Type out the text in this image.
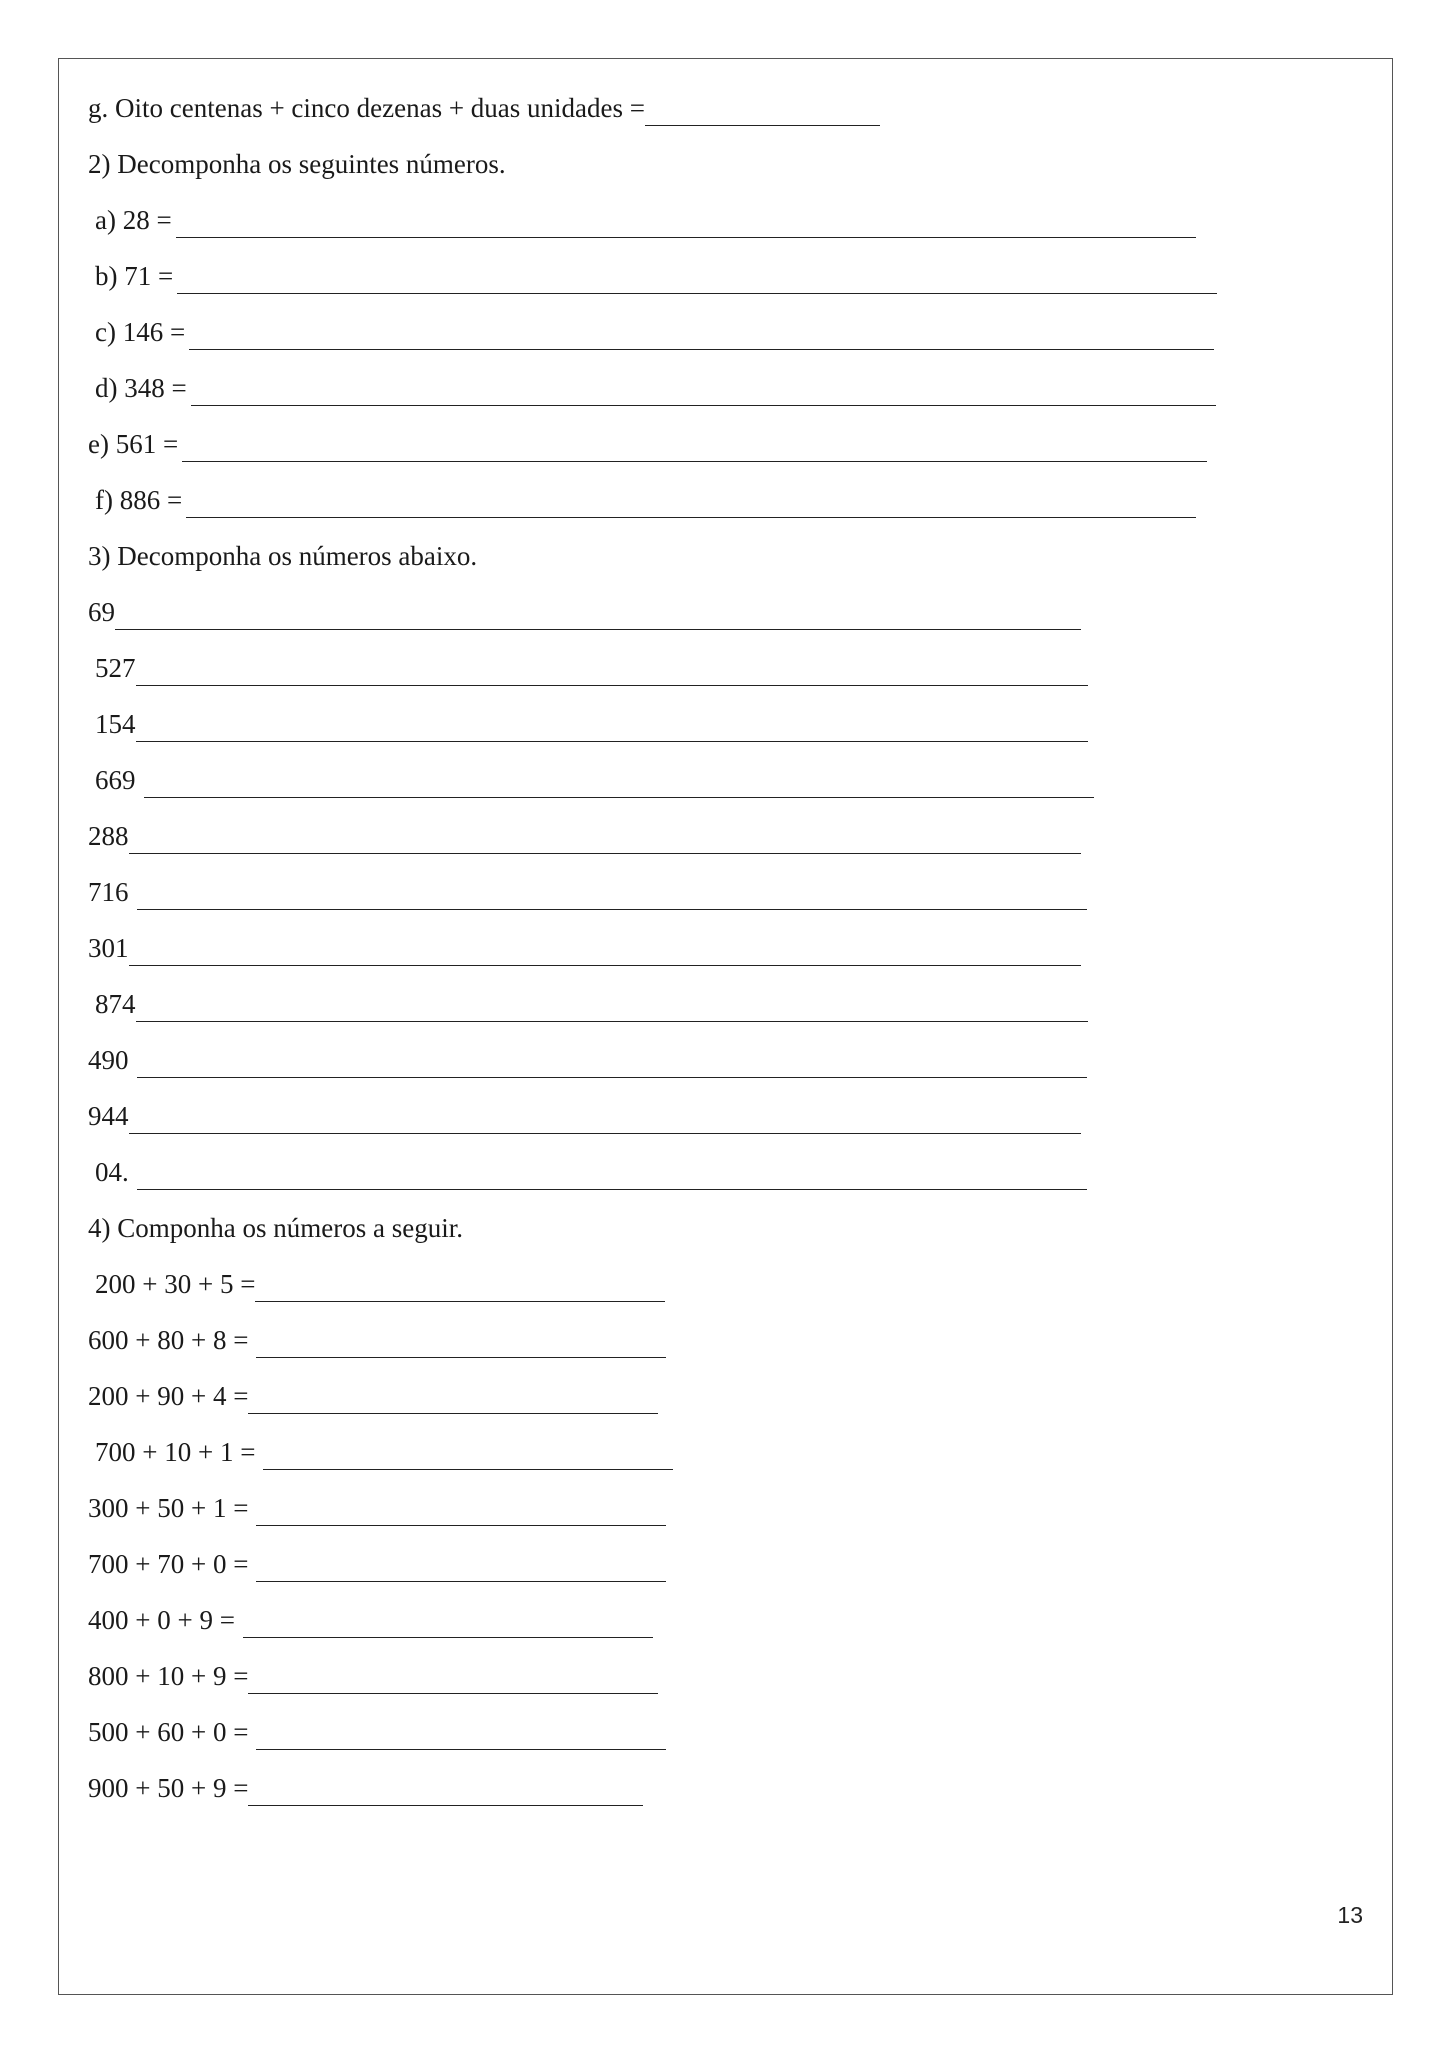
g. Oito centenas + cinco dezenas + duas unidades =
2) Decomponha os seguintes números.
a) 28 =
b) 71 =
c) 146 =
d) 348 =
e) 561 =
f) 886 =
3) Decomponha os números abaixo.
69
527
154
669
288
716
301
874
490
944
04.
4) Componha os números a seguir.
200 + 30 + 5 =
600 + 80 + 8 =
200 + 90 + 4 =
700 + 10 + 1 =
300 + 50 + 1 =
700 + 70 + 0 =
400 + 0 + 9 =
800 + 10 + 9 =
500 + 60 + 0 =
900 + 50 + 9 =
13
